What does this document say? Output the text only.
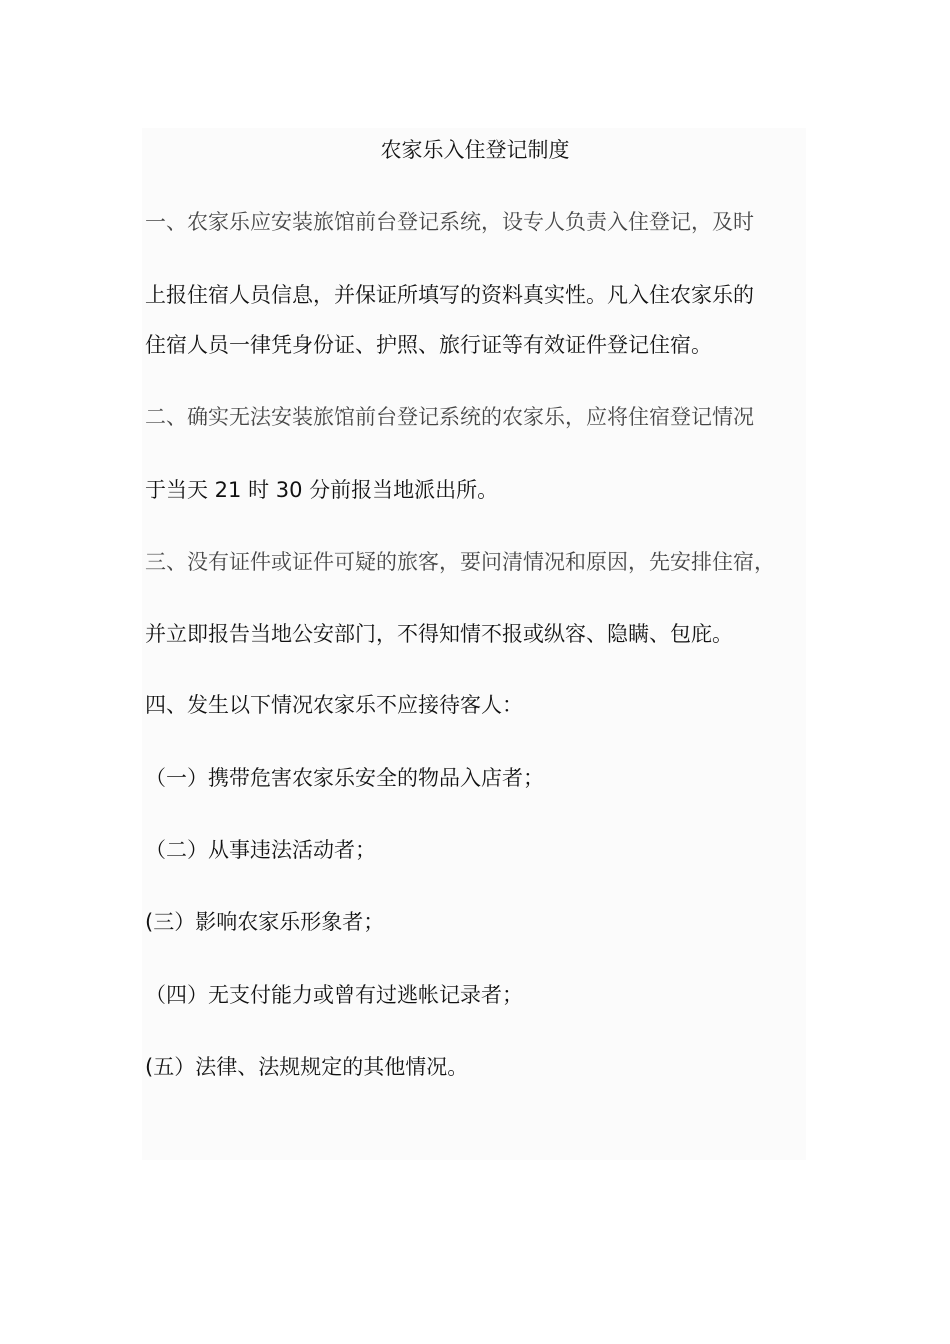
农家乐入住登记制度
一、农家乐应安装旅馆前台登记系统，设专人负责入住登记，及时
上报住宿人员信息，并保证所填写的资料真实性。凡入住农家乐的
住宿人员一律凭身份证、护照、旅行证等有效证件登记住宿。
二、确实无法安装旅馆前台登记系统的农家乐，应将住宿登记情况
于当天 21 时 30 分前报当地派出所。
三、没有证件或证件可疑的旅客，要问清情况和原因，先安排住宿，
并立即报告当地公安部门，不得知情不报或纵容、隐瞒、包庇。
四、发生以下情况农家乐不应接待客人：
（一）携带危害农家乐安全的物品入店者；
（二）从事违法活动者；
(三）影响农家乐形象者；
（四）无支付能力或曾有过逃帐记录者；
(五）法律、法规规定的其他情况。
